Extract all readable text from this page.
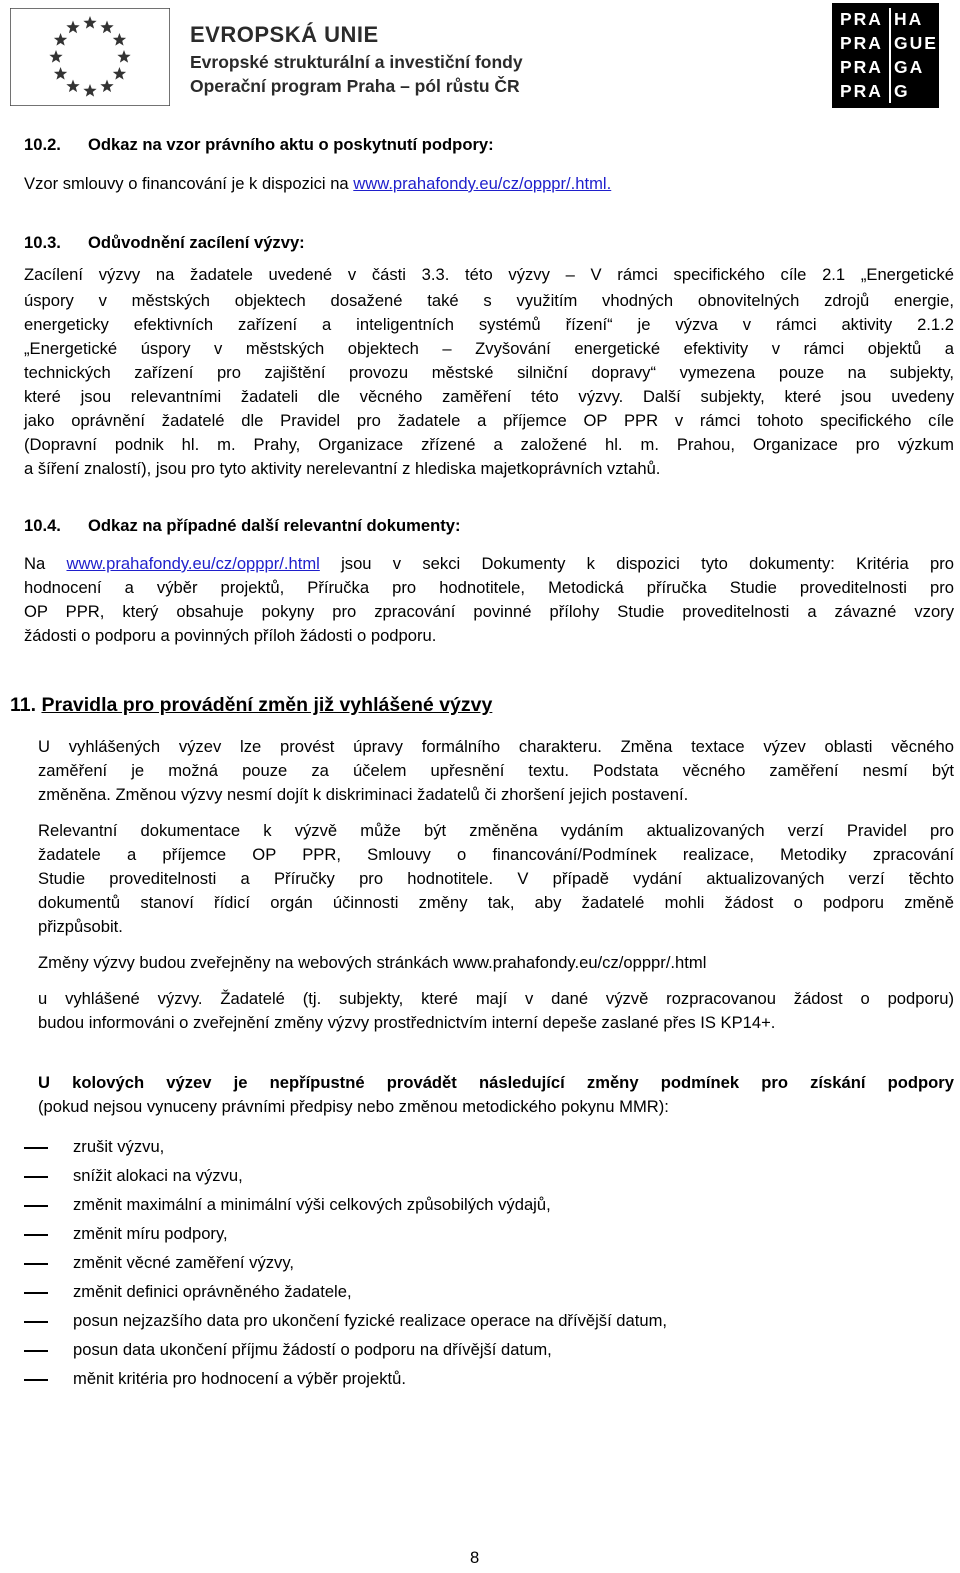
EVROPSKÁ UNIE
Evropské strukturální a investiční fondy
Operační program Praha – pól růstu ČR
PRA HA
PRA GUE
PRA GA
PRA G
10.2. Odkaz na vzor právního aktu o poskytnutí podpory:
Vzor smlouvy o financování je k dispozici na www.prahafondy.eu/cz/opppr/.html.
10.3. Odůvodnění zacílení výzvy:
Zacílení výzvy na žadatele uvedené v části 3.3. této výzvy – V rámci specifického cíle 2.1 „Energetické
úspory v městských objektech dosažené také s využitím vhodných obnovitelných zdrojů energie,
energeticky efektivních zařízení a inteligentních systémů řízení“ je výzva v rámci aktivity 2.1.2
„Energetické úspory v městských objektech – Zvyšování energetické efektivity v rámci objektů a
technických zařízení pro zajištění provozu městské silniční dopravy“ vymezena pouze na subjekty,
které jsou relevantními žadateli dle věcného zaměření této výzvy. Další subjekty, které jsou uvedeny
jako oprávnění žadatelé dle Pravidel pro žadatele a příjemce OP PPR v rámci tohoto specifického cíle
(Dopravní podnik hl. m. Prahy, Organizace zřízené a založené hl. m. Prahou, Organizace pro výzkum
a šíření znalostí), jsou pro tyto aktivity nerelevantní z hlediska majetkoprávních vztahů.
10.4. Odkaz na případné další relevantní dokumenty:
Na www.prahafondy.eu/cz/opppr/.html jsou v sekci Dokumenty k dispozici tyto dokumenty: Kritéria pro
hodnocení a výběr projektů, Příručka pro hodnotitele, Metodická příručka Studie proveditelnosti pro
OP PPR, který obsahuje pokyny pro zpracování povinné přílohy Studie proveditelnosti a závazné vzory
žádosti o podporu a povinných příloh žádosti o podporu.
11. Pravidla pro provádění změn již vyhlášené výzvy
U vyhlášených výzev lze provést úpravy formálního charakteru. Změna textace výzev oblasti věcného
zaměření je možná pouze za účelem upřesnění textu. Podstata věcného zaměření nesmí být
změněna. Změnou výzvy nesmí dojít k diskriminaci žadatelů či zhoršení jejich postavení.
Relevantní dokumentace k výzvě může být změněna vydáním aktualizovaných verzí Pravidel pro
žadatele a příjemce OP PPR, Smlouvy o financování/Podmínek realizace, Metodiky zpracování
Studie proveditelnosti a Příručky pro hodnotitele. V případě vydání aktualizovaných verzí těchto
dokumentů stanoví řídicí orgán účinnosti změny tak, aby žadatelé mohli žádost o podporu změně
přizpůsobit.
Změny výzvy budou zveřejněny na webových stránkách www.prahafondy.eu/cz/opppr/.html
u vyhlášené výzvy. Žadatelé (tj. subjekty, které mají v dané výzvě rozpracovanou žádost o podporu)
budou informováni o zveřejnění změny výzvy prostřednictvím interní depeše zaslané přes IS KP14+.
U kolových výzev je nepřípustné provádět následující změny podmínek pro získání podpory
(pokud nejsou vynuceny právními předpisy nebo změnou metodického pokynu MMR):
zrušit výzvu,
snížit alokaci na výzvu,
změnit maximální a minimální výši celkových způsobilých výdajů,
změnit míru podpory,
změnit věcné zaměření výzvy,
změnit definici oprávněného žadatele,
posun nejzazšího data pro ukončení fyzické realizace operace na dřívější datum,
posun data ukončení příjmu žádostí o podporu na dřívější datum,
měnit kritéria pro hodnocení a výběr projektů.
8
